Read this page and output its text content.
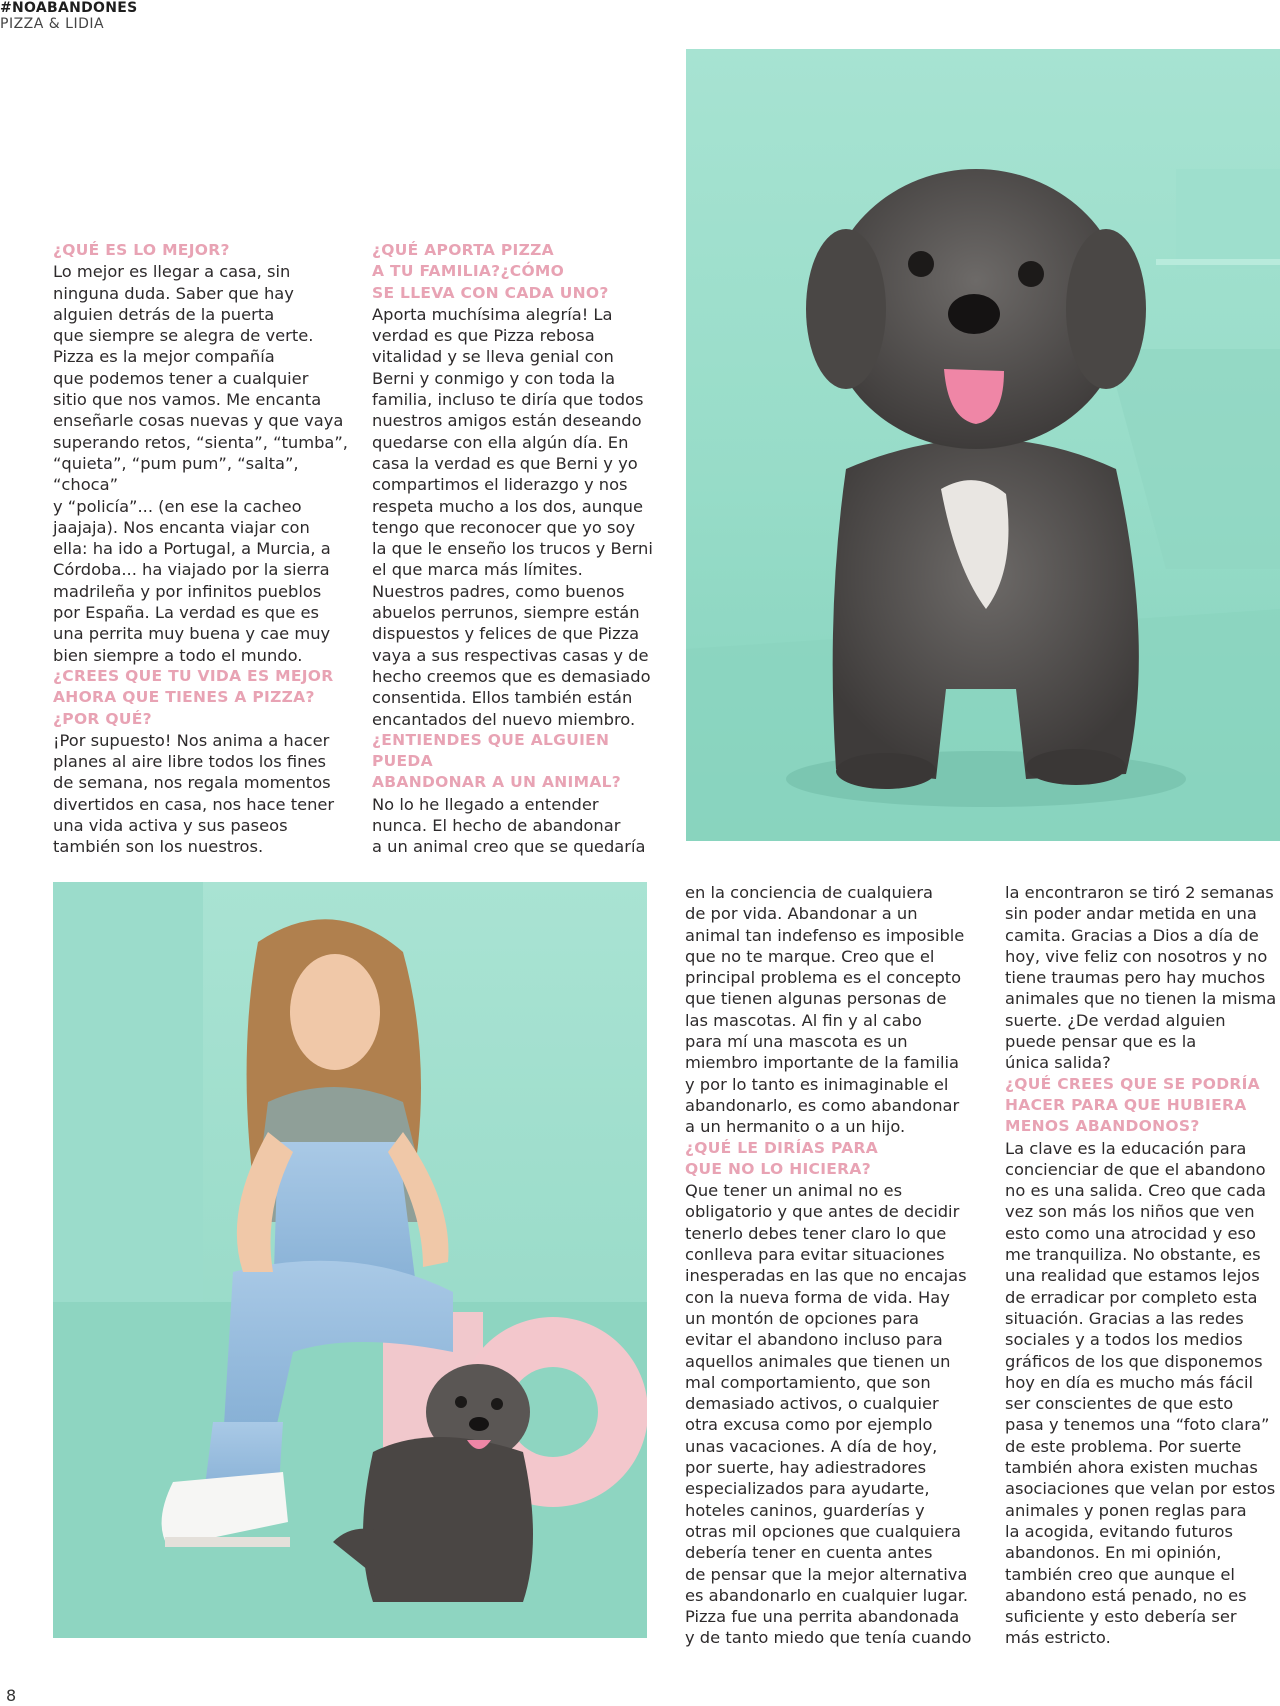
#NOABANDONES
PIZZA & LIDIA
¿QUÉ ES LO MEJOR?
Lo mejor es llegar a casa, sin
ninguna duda. Saber que hay
alguien detrás de la puerta
que siempre se alegra de verte.
Pizza es la mejor compañía
que podemos tener a cualquier
sitio que nos vamos. Me encanta
enseñarle cosas nuevas y que vaya
superando retos, “sienta”, “tumba”,
“quieta”, “pum pum”, “salta”, “choca”
y “policía”... (en ese la cacheo
jaajaja). Nos encanta viajar con
ella: ha ido a Portugal, a Murcia, a
Córdoba... ha viajado por la sierra
madrileña y por infinitos pueblos
por España. La verdad es que es
una perrita muy buena y cae muy
bien siempre a todo el mundo.
¿CREES QUE TU VIDA ES MEJOR
AHORA QUE TIENES A PIZZA?
¿POR QUÉ?
¡Por supuesto! Nos anima a hacer
planes al aire libre todos los fines
de semana, nos regala momentos
divertidos en casa, nos hace tener
una vida activa y sus paseos
también son los nuestros.
¿QUÉ APORTA PIZZA
A TU FAMILIA?¿CÓMO
SE LLEVA CON CADA UNO?
Aporta muchísima alegría! La
verdad es que Pizza rebosa
vitalidad y se lleva genial con
Berni y conmigo y con toda la
familia, incluso te diría que todos
nuestros amigos están deseando
quedarse con ella algún día. En
casa la verdad es que Berni y yo
compartimos el liderazgo y nos
respeta mucho a los dos, aunque
tengo que reconocer que yo soy
la que le enseño los trucos y Berni
el que marca más límites.
Nuestros padres, como buenos
abuelos perrunos, siempre están
dispuestos y felices de que Pizza
vaya a sus respectivas casas y de
hecho creemos que es demasiado
consentida. Ellos también están
encantados del nuevo miembro.
¿ENTIENDES QUE ALGUIEN PUEDA
ABANDONAR A UN ANIMAL?
No lo he llegado a entender
nunca. El hecho de abandonar
a un animal creo que se quedaría
en la conciencia de cualquiera
de por vida. Abandonar a un
animal tan indefenso es imposible
que no te marque. Creo que el
principal problema es el concepto
que tienen algunas personas de
las mascotas. Al fin y al cabo
para mí una mascota es un
miembro importante de la familia
y por lo tanto es inimaginable el
abandonarlo, es como abandonar
a un hermanito o a un hijo.
¿QUÉ LE DIRÍAS PARA
QUE NO LO HICIERA?
Que tener un animal no es
obligatorio y que antes de decidir
tenerlo debes tener claro lo que
conlleva para evitar situaciones
inesperadas en las que no encajas
con la nueva forma de vida. Hay
un montón de opciones para
evitar el abandono incluso para
aquellos animales que tienen un
mal comportamiento, que son
demasiado activos, o cualquier
otra excusa como por ejemplo
unas vacaciones. A día de hoy,
por suerte, hay adiestradores
especializados para ayudarte,
hoteles caninos, guarderías y
otras mil opciones que cualquiera
debería tener en cuenta antes
de pensar que la mejor alternativa
es abandonarlo en cualquier lugar.
Pizza fue una perrita abandonada
y de tanto miedo que tenía cuando
la encontraron se tiró 2 semanas
sin poder andar metida en una
camita. Gracias a Dios a día de
hoy, vive feliz con nosotros y no
tiene traumas pero hay muchos
animales que no tienen la misma
suerte. ¿De verdad alguien
puede pensar que es la
única salida?
¿QUÉ CREES QUE SE PODRÍA
HACER PARA QUE HUBIERA
MENOS ABANDONOS?
La clave es la educación para
concienciar de que el abandono
no es una salida. Creo que cada
vez son más los niños que ven
esto como una atrocidad y eso
me tranquiliza. No obstante, es
una realidad que estamos lejos
de erradicar por completo esta
situación. Gracias a las redes
sociales y a todos los medios
gráficos de los que disponemos
hoy en día es mucho más fácil
ser conscientes de que esto
pasa y tenemos una “foto clara”
de este problema. Por suerte
también ahora existen muchas
asociaciones que velan por estos
animales y ponen reglas para
la acogida, evitando futuros
abandonos. En mi opinión,
también creo que aunque el
abandono está penado, no es
suficiente y esto debería ser
más estricto.
8
